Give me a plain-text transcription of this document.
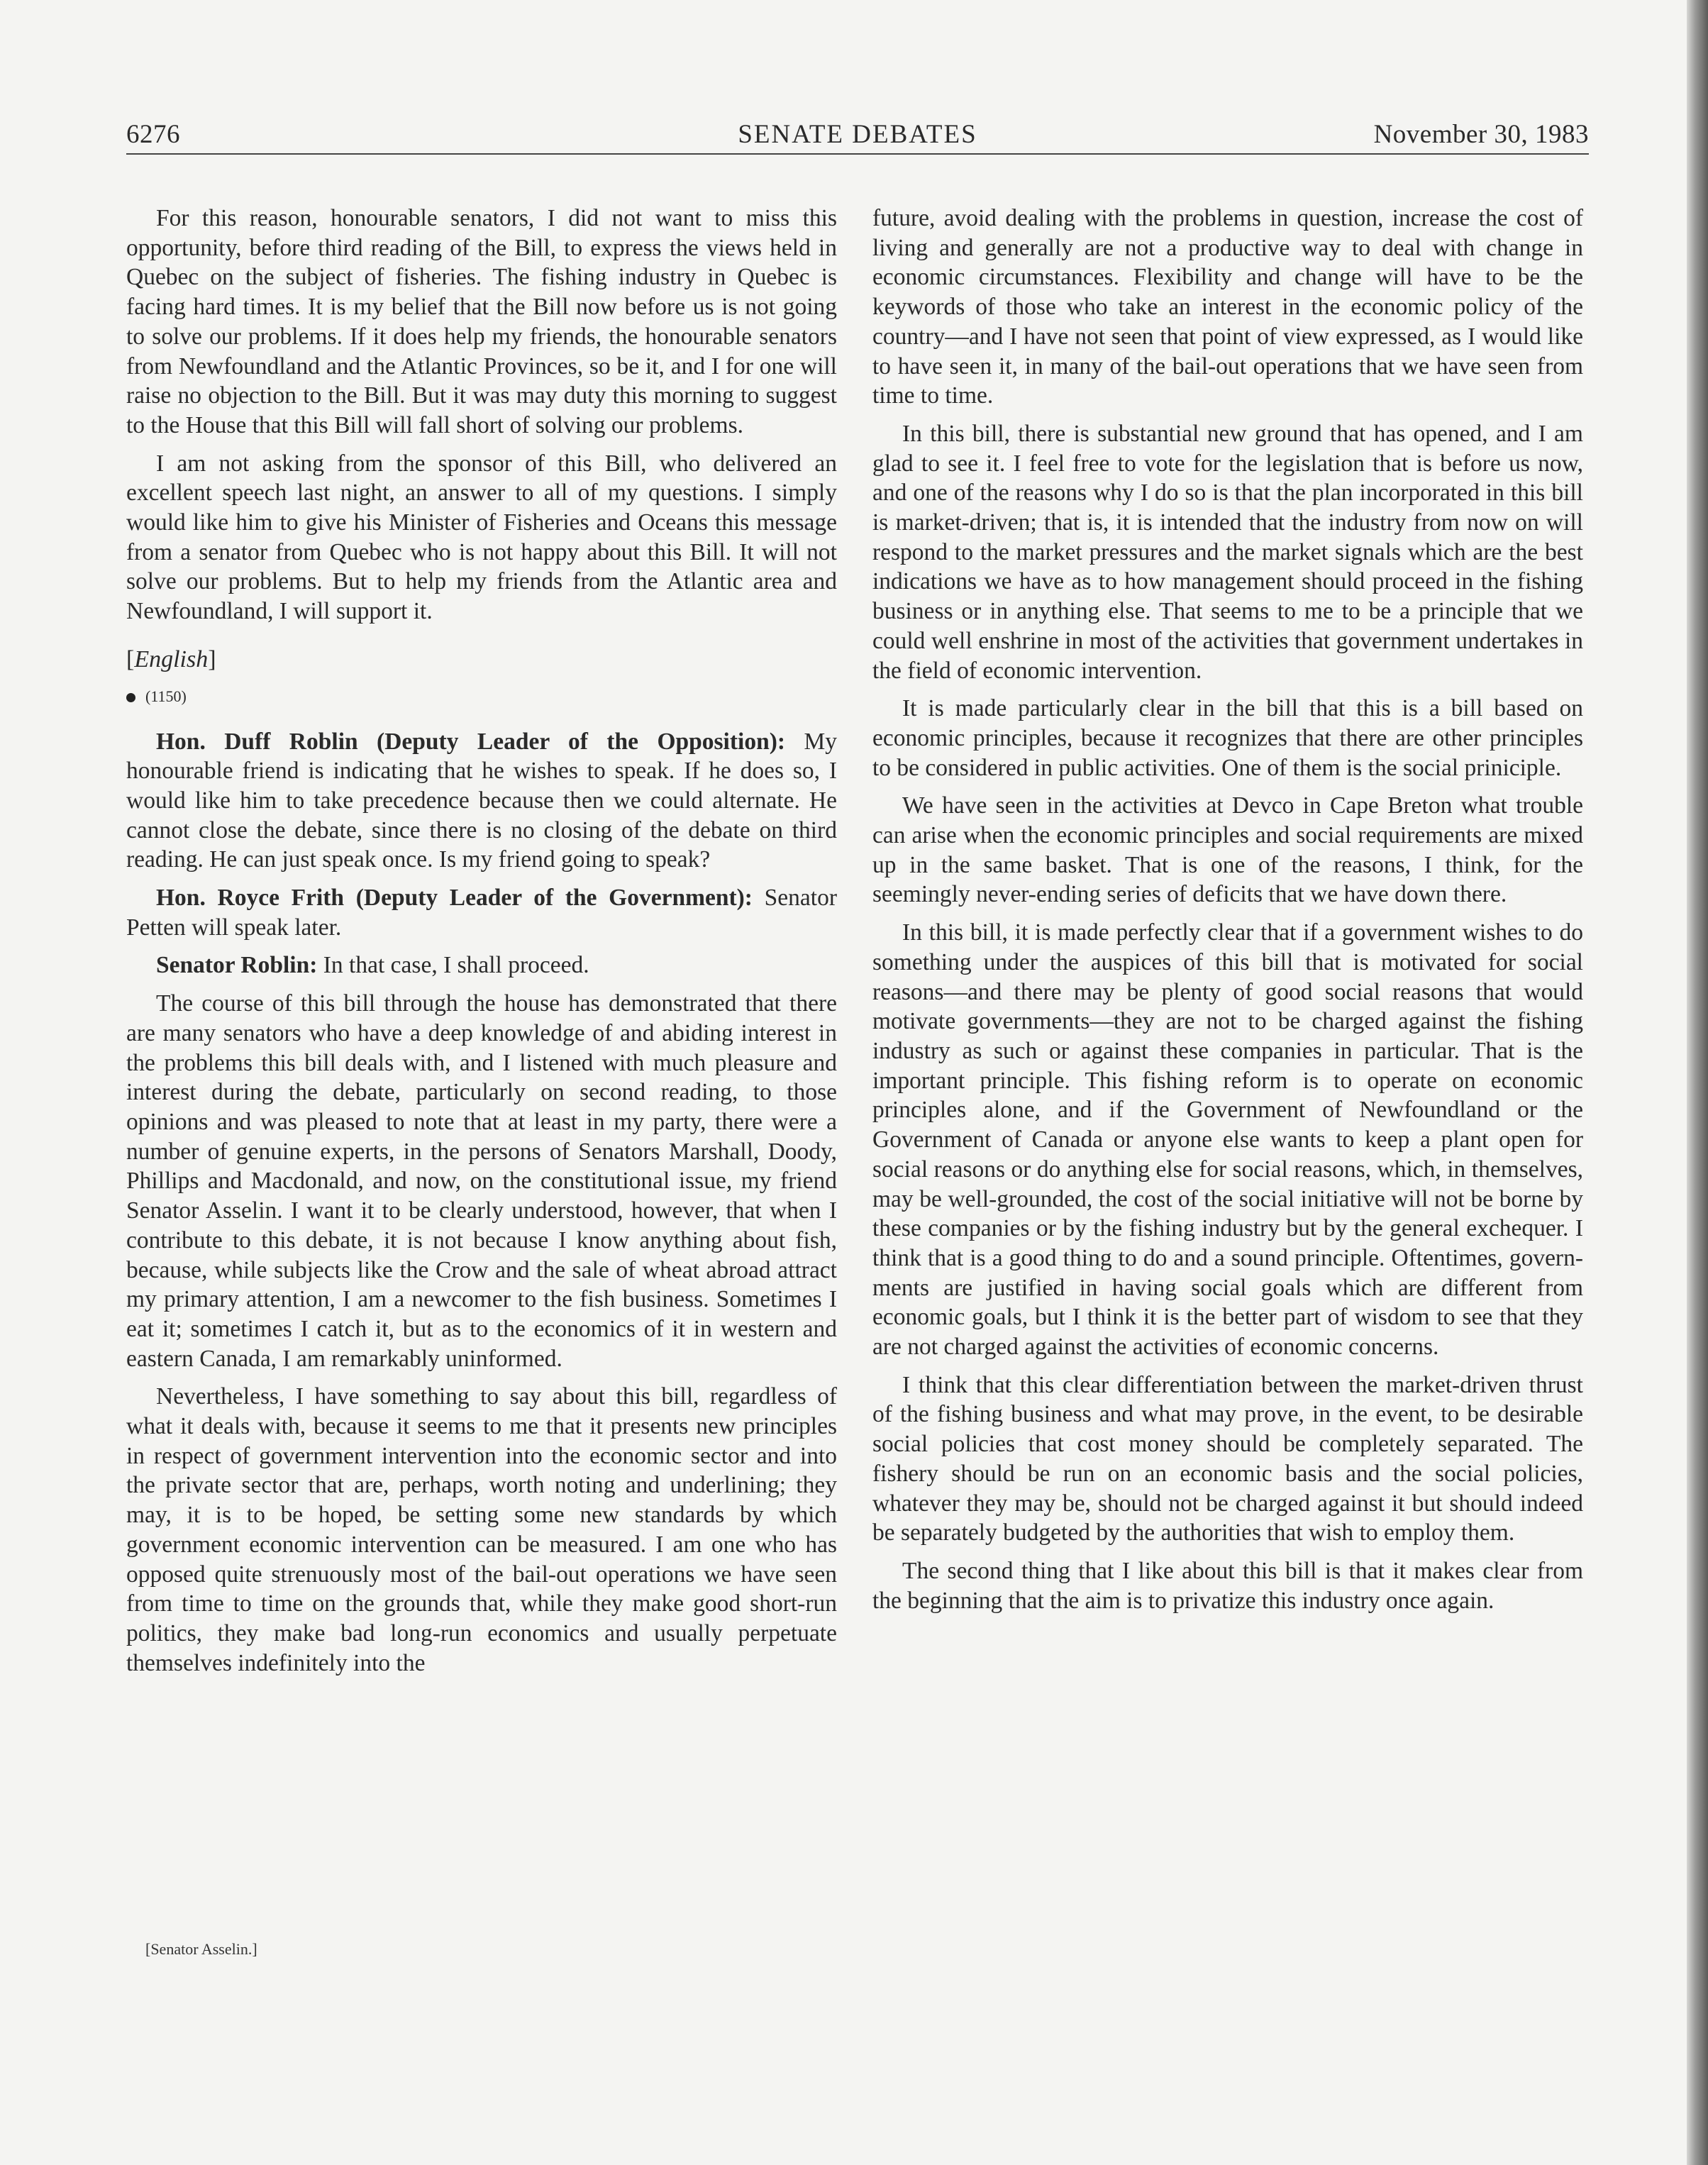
6276	SENATE DEBATES	November 30, 1983

For this reason, honourable senators, I did not want to miss this opportunity, before third reading of the Bill, to express the views held in Quebec on the subject of fisheries. The fishing industry in Quebec is facing hard times. It is my belief that the Bill now before us is not going to solve our problems. If it does help my friends, the honourable senators from Newfoundland and the Atlantic Provinces, so be it, and I for one will raise no objection to the Bill. But it was may duty this morning to suggest to the House that this Bill will fall short of solving our problems.

I am not asking from the sponsor of this Bill, who delivered an excellent speech last night, an answer to all of my questions. I simply would like him to give his Minister of Fisheries and Oceans this message from a senator from Quebec who is not happy about this Bill. It will not solve our problems. But to help my friends from the Atlantic area and Newfoundland, I will support it.

[English]

(1150)

Hon. Duff Roblin (Deputy Leader of the Opposition): My honourable friend is indicating that he wishes to speak. If he does so, I would like him to take precedence because then we could alternate. He cannot close the debate, since there is no closing of the debate on third reading. He can just speak once. Is my friend going to speak?

Hon. Royce Frith (Deputy Leader of the Government): Senator Petten will speak later.

Senator Roblin: In that case, I shall proceed.

The course of this bill through the house has demonstrated that there are many senators who have a deep knowledge of and abiding interest in the problems this bill deals with, and I listened with much pleasure and interest during the debate, particularly on second reading, to those opinions and was pleased to note that at least in my party, there were a number of genuine experts, in the persons of Senators Marshall, Doody, Phillips and Macdonald, and now, on the constitutional issue, my friend Senator Asselin. I want it to be clearly understood, however, that when I contribute to this debate, it is not because I know anything about fish, because, while subjects like the Crow and the sale of wheat abroad attract my primary attention, I am a newcomer to the fish business. Sometimes I eat it; sometimes I catch it, but as to the economics of it in western and eastern Canada, I am remarkably uninformed.

Nevertheless, I have something to say about this bill, regardless of what it deals with, because it seems to me that it presents new principles in respect of government intervention into the economic sector and into the private sector that are, perhaps, worth noting and underlining; they may, it is to be hoped, be setting some new standards by which government economic intervention can be measured. I am one who has opposed quite strenuously most of the bail-out operations we have seen from time to time on the grounds that, while they make good short-run politics, they make bad long-run economics and usually perpetuate themselves indefinitely into the

[Senator Asselin.]

future, avoid dealing with the problems in question, increase the cost of living and generally are not a productive way to deal with change in economic circumstances. Flexibility and change will have to be the keywords of those who take an interest in the economic policy of the country—and I have not seen that point of view expressed, as I would like to have seen it, in many of the bail-out operations that we have seen from time to time.

In this bill, there is substantial new ground that has opened, and I am glad to see it. I feel free to vote for the legislation that is before us now, and one of the reasons why I do so is that the plan incorporated in this bill is market-driven; that is, it is intended that the industry from now on will respond to the market pressures and the market signals which are the best indications we have as to how management should proceed in the fishing business or in anything else. That seems to me to be a principle that we could well enshrine in most of the activities that government undertakes in the field of economic intervention.

It is made particularly clear in the bill that this is a bill based on economic principles, because it recognizes that there are other principles to be considered in public activities. One of them is the social priniciple.

We have seen in the activities at Devco in Cape Breton what trouble can arise when the economic principles and social requirements are mixed up in the same basket. That is one of the reasons, I think, for the seemingly never-ending series of deficits that we have down there.

In this bill, it is made perfectly clear that if a government wishes to do something under the auspices of this bill that is motivated for social reasons—and there may be plenty of good social reasons that would motivate governments—they are not to be charged against the fishing industry as such or against these companies in particular. That is the important principle. This fishing reform is to operate on economic principles alone, and if the Government of Newfoundland or the Government of Canada or anyone else wants to keep a plant open for social reasons or do anything else for social reasons, which, in themselves, may be well-grounded, the cost of the social initiative will not be borne by these companies or by the fishing industry but by the general exchequer. I think that is a good thing to do and a sound principle. Oftentimes, governments are justified in having social goals which are different from economic goals, but I think it is the better part of wisdom to see that they are not charged against the activities of economic concerns.

I think that this clear differentiation between the market-driven thrust of the fishing business and what may prove, in the event, to be desirable social policies that cost money should be completely separated. The fishery should be run on an economic basis and the social policies, whatever they may be, should not be charged against it but should indeed be separately budgeted by the authorities that wish to employ them.

The second thing that I like about this bill is that it makes clear from the beginning that the aim is to privatize this industry once again.
